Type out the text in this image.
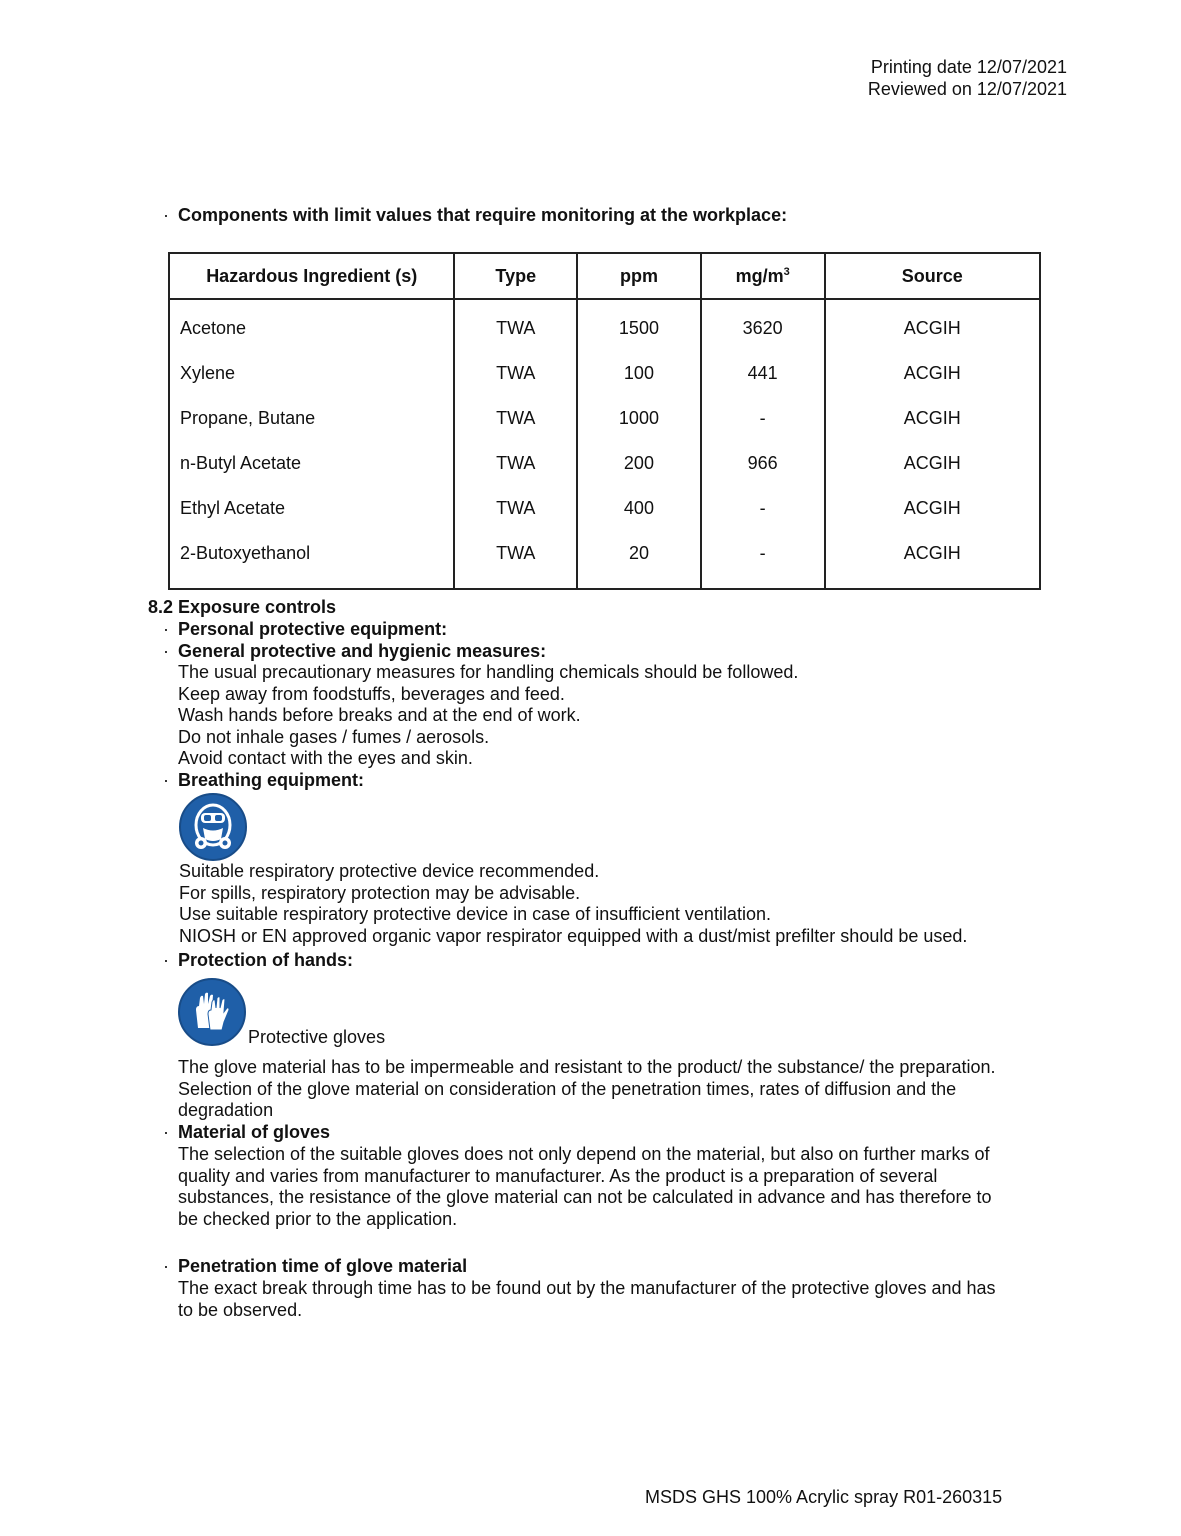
Printing date 12/07/2021
Reviewed on 12/07/2021
· Components with limit values that require monitoring at the workplace:
Hazardous Ingredient (s)	Type	ppm	$mg/m^3$	Source
Acetone	TWA	1500	3620	ACGIH
Xylene	TWA	100	441	ACGIH
Propane, Butane	TWA	1000	-	ACGIH
n-Butyl Acetate	TWA	200	966	ACGIH
Ethyl Acetate	TWA	400	-	ACGIH
2-Butoxyethanol	TWA	20	-	ACGIH
8.2 Exposure controls
· Personal protective equipment:
· General protective and hygienic measures:
The usual precautionary measures for handling chemicals should be followed.
Keep away from foodstuffs, beverages and feed.
Wash hands before breaks and at the end of work.
Do not inhale gases / fumes / aerosols.
Avoid contact with the eyes and skin.
· Breathing equipment:
Suitable respiratory protective device recommended.
For spills, respiratory protection may be advisable.
Use suitable respiratory protective device in case of insufficient ventilation.
NIOSH or EN approved organic vapor respirator equipped with a dust/mist prefilter should be used.
· Protection of hands:
Protective gloves
The glove material has to be impermeable and resistant to the product/ the substance/ the preparation.
Selection of the glove material on consideration of the penetration times, rates of diffusion and the
degradation
· Material of gloves
The selection of the suitable gloves does not only depend on the material, but also on further marks of
quality and varies from manufacturer to manufacturer. As the product is a preparation of several
substances, the resistance of the glove material can not be calculated in advance and has therefore to
be checked prior to the application.
· Penetration time of glove material
The exact break through time has to be found out by the manufacturer of the protective gloves and has
to be observed.
MSDS GHS 100% Acrylic spray R01-260315
